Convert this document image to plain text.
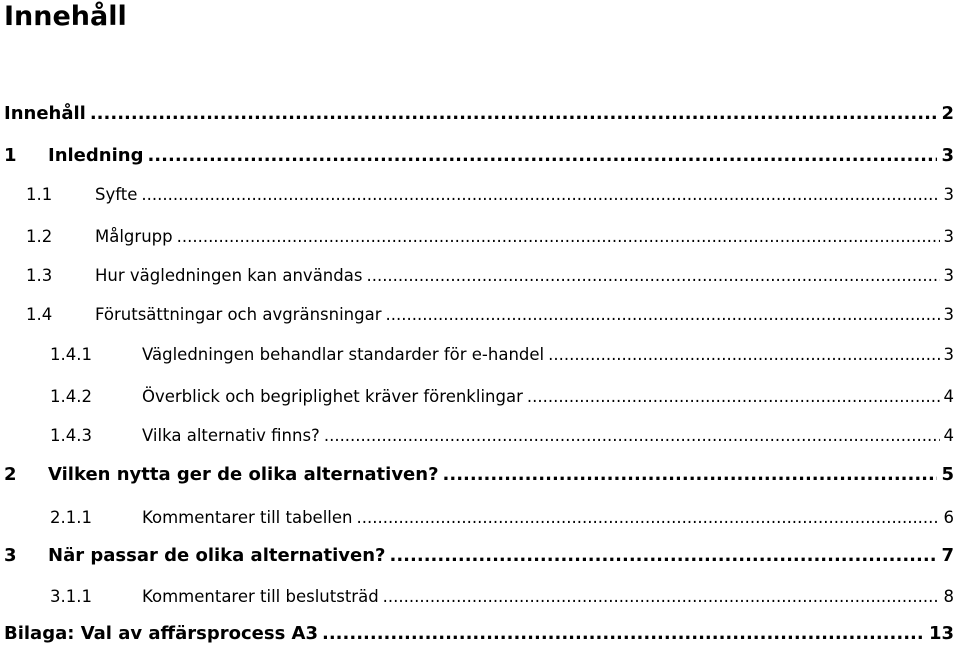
Innehåll
Innehåll .....	2
1	Inledning .....	3
1.1	Syfte .....	3
1.2	Målgrupp .....	3
1.3	Hur vägledningen kan användas .....	3
1.4	Förutsättningar och avgränsningar .....	3
1.4.1	Vägledningen behandlar standarder för e-handel .....	3
1.4.2	Överblick och begriplighet kräver förenklingar .....	4
1.4.3	Vilka alternativ finns? .....	4
2	Vilken nytta ger de olika alternativen? .....	5
2.1.1	Kommentarer till tabellen .....	6
3	När passar de olika alternativen? .....	7
3.1.1	Kommentarer till beslutsträd .....	8
Bilaga: Val av affärsprocess A3 .....	13
